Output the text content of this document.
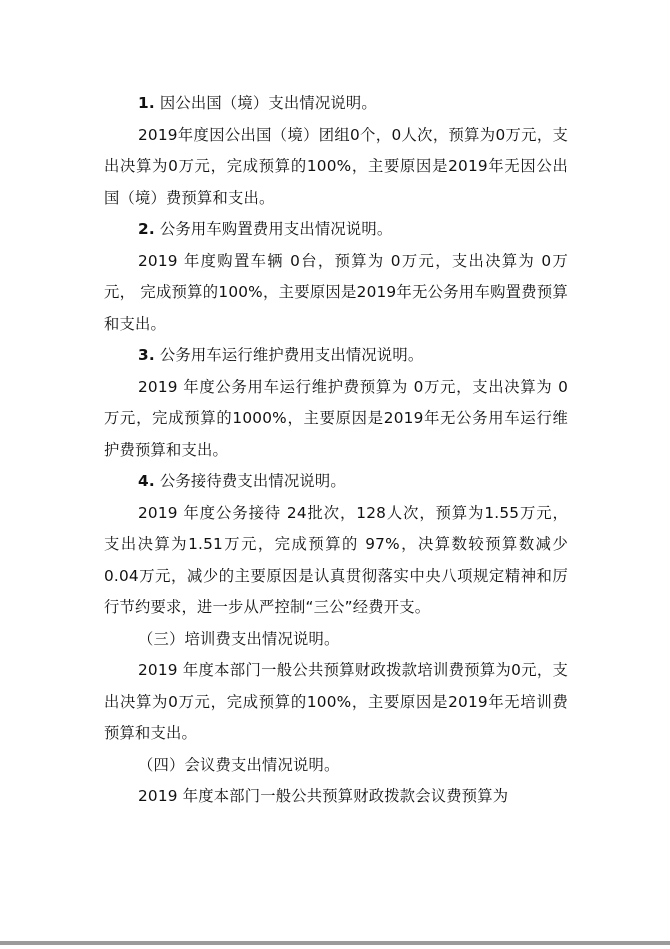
1. 因公出国（境）支出情况说明。

2019年度因公出国（境）团组0个，0人次，预算为0万元，支出决算为0万元，完成预算的100%，主要原因是2019年无因公出国（境）费预算和支出。

2. 公务用车购置费用支出情况说明。

2019 年度购置车辆 0台，预算为 0万元，支出决算为 0万元， 完成预算的100%，主要原因是2019年无公务用车购置费预算和支出。

3. 公务用车运行维护费用支出情况说明。

2019 年度公务用车运行维护费预算为 0万元，支出决算为 0万元，完成预算的1000%，主要原因是2019年无公务用车运行维护费预算和支出。

4. 公务接待费支出情况说明。

2019 年度公务接待 24批次，128人次，预算为1.55万元， 支出决算为1.51万元，完成预算的 97%，决算数较预算数减少 0.04万元，减少的主要原因是认真贯彻落实中央八项规定精神和厉行节约要求，进一步从严控制“三公”经费开支。

（三）培训费支出情况说明。

2019 年度本部门一般公共预算财政拨款培训费预算为0元，支出决算为0万元，完成预算的100%，主要原因是2019年无培训费预算和支出。

（四）会议费支出情况说明。

2019 年度本部门一般公共预算财政拨款会议费预算为
